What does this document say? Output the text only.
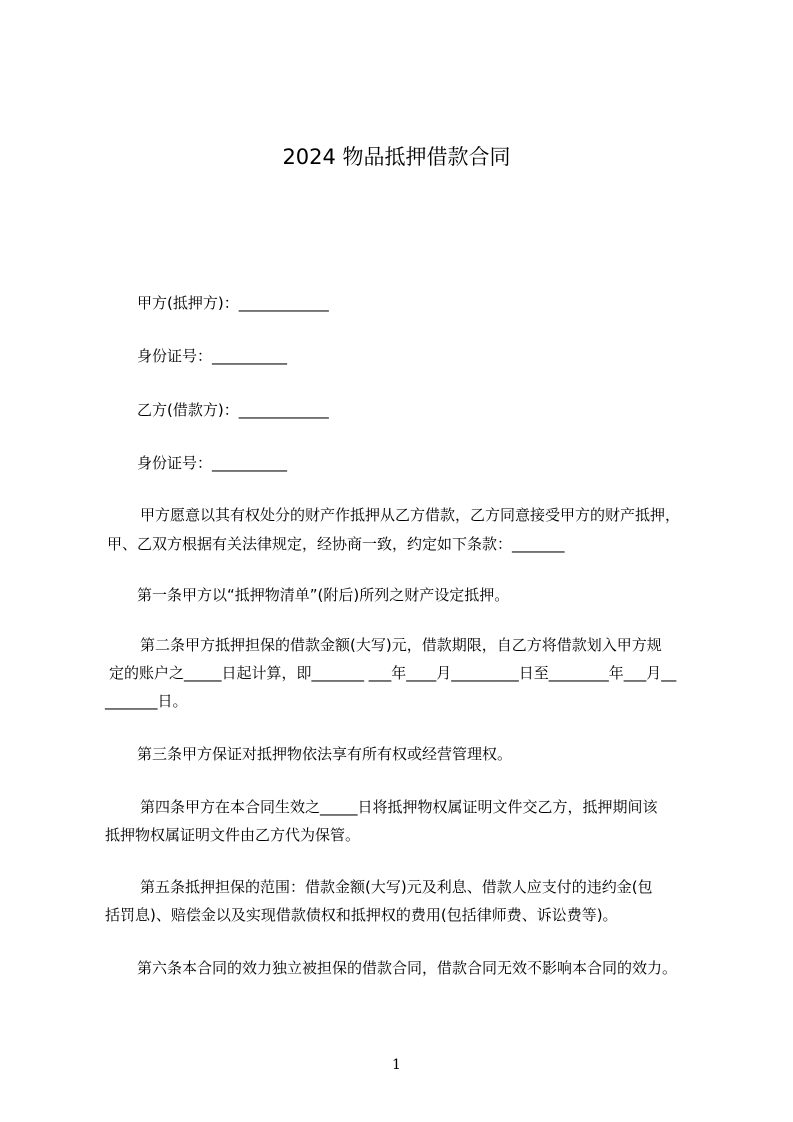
2024 物品抵押借款合同
甲方(抵押方)：____________
身份证号：__________
乙方(借款方)：____________
身份证号：__________
甲方愿意以其有权处分的财产作抵押从乙方借款，乙方同意接受甲方的财产抵押，
甲、乙双方根据有关法律规定，经协商一致，约定如下条款：_______
第一条甲方以“抵押物清单”(附后)所列之财产设定抵押。
第二条甲方抵押担保的借款金额(大写)元，借款期限，自乙方将借款划入甲方规
定的账户之_____日起计算，即_______ ___年____月_________日至________年___月__
_______日。
第三条甲方保证对抵押物依法享有所有权或经营管理权。
第四条甲方在本合同生效之_____日将抵押物权属证明文件交乙方，抵押期间该
抵押物权属证明文件由乙方代为保管。
第五条抵押担保的范围：借款金额(大写)元及利息、借款人应支付的违约金(包
括罚息)、赔偿金以及实现借款债权和抵押权的费用(包括律师费、诉讼费等)。
第六条本合同的效力独立被担保的借款合同，借款合同无效不影响本合同的效力。
1
